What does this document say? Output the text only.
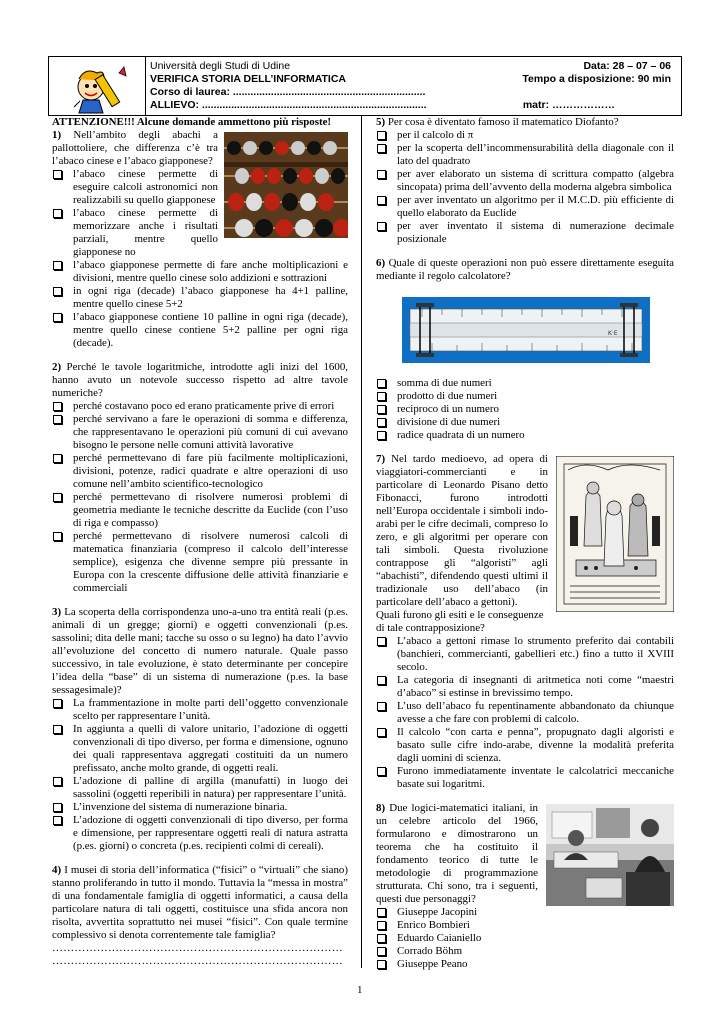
Università degli Studi di Udine
VERIFICA STORIA DELL’INFORMATICA
Corso di laurea: ..................................................................
ALLIEVO: .............................................................................
Data: 28 – 07 – 06
Tempo a disposizione: 90 min
matr: ………………

ATTENZIONE!!! Alcune domande ammettono più risposte!

1) Nell’ambito degli abachi a pallottoliere, che differenza c’è tra l’abaco cinese e l’abaco giapponese?

l’abaco cinese permette di eseguire calcoli astronomici non realizzabili su quello giapponese
l’abaco cinese permette di memorizzare anche i risultati parziali, mentre quello giapponese no
l’abaco giapponese permette di fare anche moltiplicazioni e divisioni, mentre quello cinese solo addizioni e sottrazioni
in ogni riga (decade) l’abaco giapponese ha 4+1 palline, mentre quello cinese 5+2
l’abaco giapponese contiene 10 palline in ogni riga (decade), mentre quello cinese contiene 5+2 palline per ogni riga (decade).

2) Perché le tavole logaritmiche, introdotte agli inizi del 1600, hanno avuto un notevole successo rispetto ad altre tavole numeriche?

perché costavano poco ed erano praticamente prive di errori
perché servivano a fare le operazioni di somma e differenza, che rappresentavano le operazioni più comuni di cui avevano bisogno le persone nelle comuni attività lavorative
perché permettevano di fare più facilmente moltiplicazioni, divisioni, potenze, radici quadrate e altre operazioni di uso comune nell’ambito scientifico-tecnologico
perché permettevano di risolvere numerosi problemi di geometria mediante le tecniche descritte da Euclide (con l’uso di riga e compasso)
perché permettevano di risolvere numerosi calcoli di matematica finanziaria (compreso il calcolo dell’interesse semplice), esigenza che divenne sempre più pressante in Europa con la crescente diffusione delle attività finanziarie e commerciali

3) La scoperta della corrispondenza uno-a-uno tra entità reali (p.es. animali di un gregge; giorni) e oggetti convenzionali (p.es. sassolini; dita delle mani; tacche su osso o su legno) ha dato l’avvio all’evoluzione del concetto di numero naturale. Quale passo successivo, in tale evoluzione, è stato determinante per concepire l’idea della “base” di un sistema di numerazione (p.es. la base sessagesimale)?

La frammentazione in molte parti dell’oggetto convenzionale scelto per rappresentare l’unità.
In aggiunta a quelli di valore unitario, l’adozione di oggetti convenzionali di tipo diverso, per forma e dimensione, ognuno dei quali rappresentava aggregati costituiti da un numero prefissato, anche molto grande, di oggetti reali.
L’adozione di palline di argilla (manufatti) in luogo dei sassolini (oggetti reperibili in natura) per rappresentare l’unità.
L’invenzione del sistema di numerazione binaria.
L’adozione di oggetti convenzionali di tipo diverso, per forma e dimensione, per rappresentare oggetti reali di natura astratta (p.es. giorni) o concreta (p.es. recipienti colmi di cereali).

4) I musei di storia dell’informatica (“fisici” o “virtuali” che siano) stanno proliferando in tutto il mondo. Tuttavia la “messa in mostra” di una fondamentale famiglia di oggetti informatici, a causa della particolare natura di tali oggetti, costituisce una sfida ancora non risolta, avvertita soprattutto nei musei “fisici”. Con quale termine complessivo si denota correntemente tale famiglia?

……………………………………………………………………
……………………………………………………………………

5) Per cosa è diventato famoso il matematico Diofanto?

per il calcolo di π
per la scoperta dell’incommensurabilità della diagonale con il lato del quadrato
per aver elaborato un sistema di scrittura compatto (algebra sincopata) prima dell’avvento della moderna algebra simbolica
per aver inventato un algoritmo per il M.C.D. più efficiente di quello elaborato da Euclide
per aver inventato il sistema di numerazione decimale posizionale

6) Quale di queste operazioni non può essere direttamente eseguita mediante il regolo calcolatore?

K·E
somma di due numeri
prodotto di due numeri
reciproco di un numero
divisione di due numeri
radice quadrata di un numero

7) Nel tardo medioevo, ad opera di viaggiatori-commercianti e in particolare di Leonardo Pisano detto Fibonacci, furono introdotti nell’Europa occidentale i simboli indo-arabi per le cifre decimali, compreso lo zero, e gli algoritmi per operare con tali simboli. Questa rivoluzione contrappose gli “algoristi” agli “abachisti”, difendendo questi ultimi il tradizionale uso dell’abaco (in particolare dell’abaco a gettoni).

Quali furono gli esiti e le conseguenze di tale contrapposizione?

L’abaco a gettoni rimase lo strumento preferito dai contabili (banchieri, commercianti, gabellieri etc.) fino a tutto il XVIII secolo.
La categoria di insegnanti di aritmetica noti come “maestri d’abaco” si estinse in brevissimo tempo.
L’uso dell’abaco fu repentinamente abbandonato da chiunque avesse a che fare con problemi di calcolo.
Il calcolo “con carta e penna”, propugnato dagli algoristi e basato sulle cifre indo-arabe, divenne la modalità preferita dagli uomini di scienza.
Furono immediatamente inventate le calcolatrici meccaniche basate sui logaritmi.

8) Due logici-matematici italiani, in un celebre articolo del 1966, formularono e dimostrarono un teorema che ha costituito il fondamento teorico di tutte le metodologie di programmazione strutturata. Chi sono, tra i seguenti, questi due personaggi?

Giuseppe Jacopini
Enrico Bombieri
Eduardo Caianiello
Corrado Böhm
Giuseppe Peano
1
